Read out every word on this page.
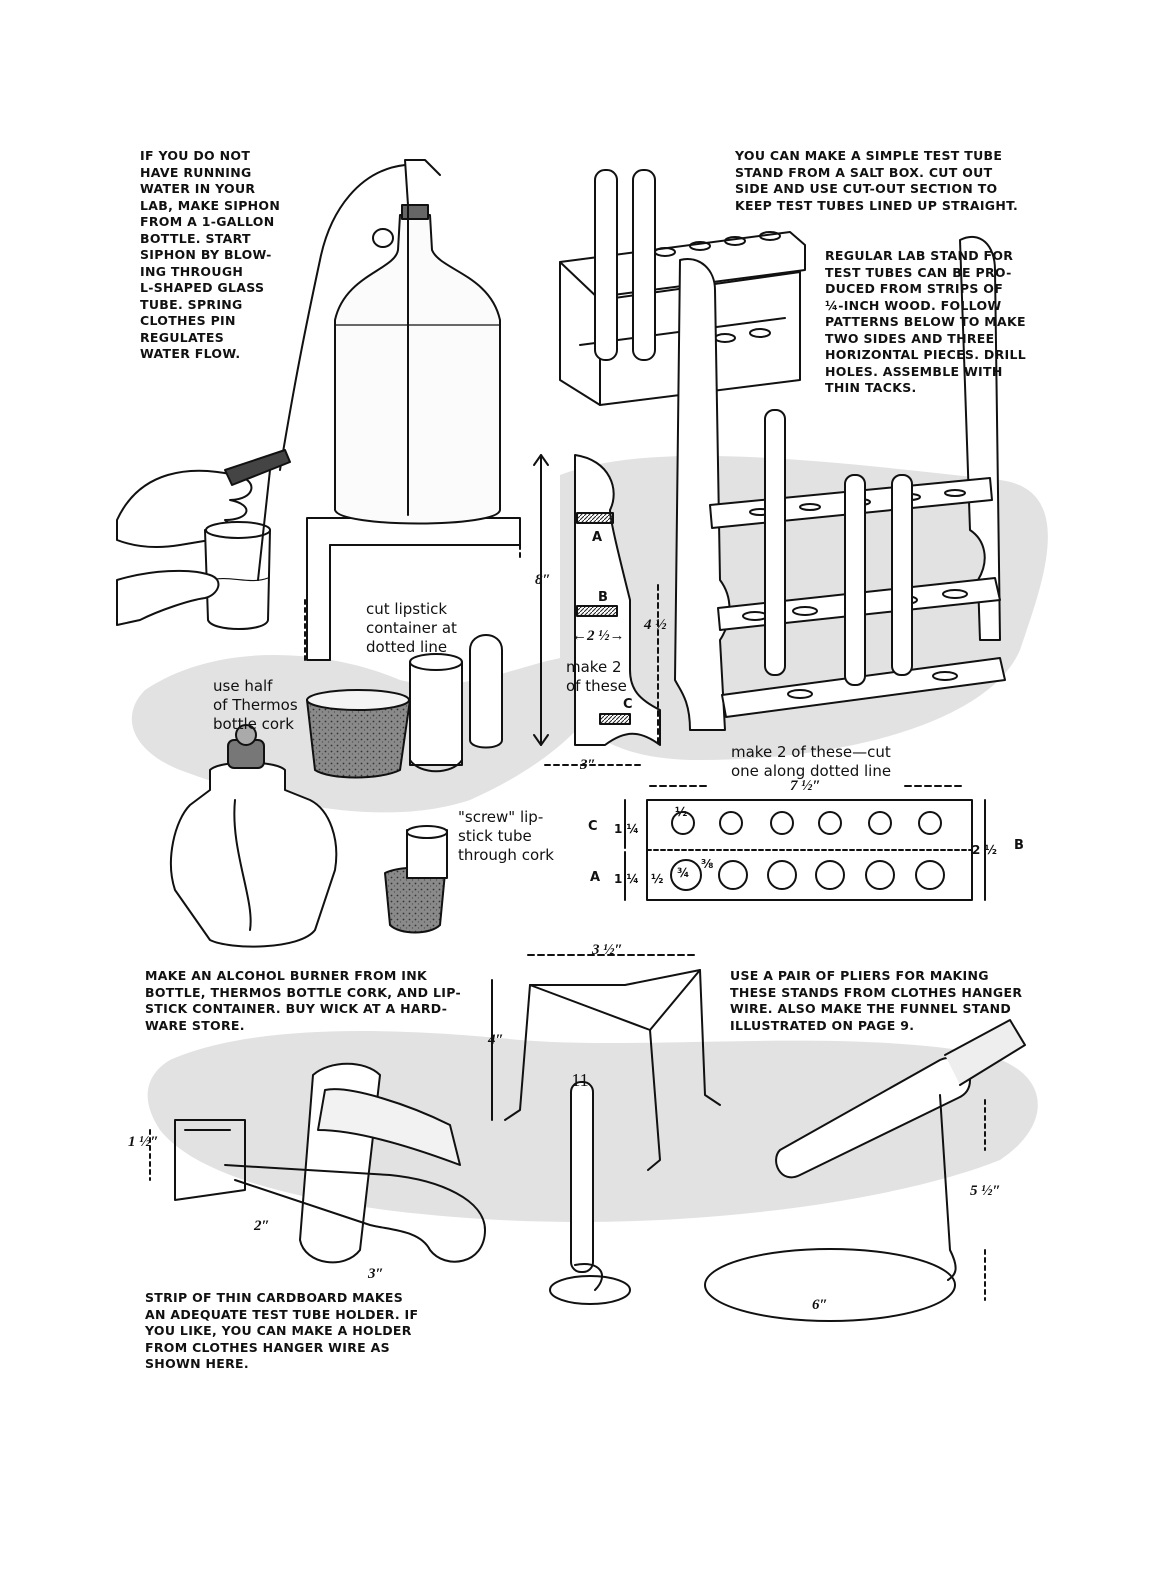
IF YOU DO NOT
HAVE RUNNING
WATER IN YOUR
LAB, MAKE SIPHON
FROM A 1-GALLON
BOTTLE. START
SIPHON BY BLOW-
ING THROUGH
L-SHAPED GLASS
TUBE. SPRING
CLOTHES PIN
REGULATES
WATER FLOW.
YOU CAN MAKE A SIMPLE TEST TUBE
STAND FROM A SALT BOX. CUT OUT
SIDE AND USE CUT-OUT SECTION TO
KEEP TEST TUBES LINED UP STRAIGHT.
REGULAR LAB STAND FOR
TEST TUBES CAN BE PRO-
DUCED FROM STRIPS OF
¼-INCH WOOD. FOLLOW
PATTERNS BELOW TO MAKE
TWO SIDES AND THREE
HORIZONTAL PIECES. DRILL
HOLES. ASSEMBLE WITH
THIN TACKS.
MAKE AN ALCOHOL BURNER FROM INK
BOTTLE, THERMOS BOTTLE CORK, AND LIP-
STICK CONTAINER. BUY WICK AT A HARD-
WARE STORE.
USE A PAIR OF PLIERS FOR MAKING
THESE STANDS FROM CLOTHES HANGER
WIRE. ALSO MAKE THE FUNNEL STAND
ILLUSTRATED ON PAGE 9.
STRIP OF THIN CARDBOARD MAKES
AN ADEQUATE TEST TUBE HOLDER. IF
YOU LIKE, YOU CAN MAKE A HOLDER
FROM CLOTHES HANGER WIRE AS
SHOWN HERE.
cut lipstick
container at
dotted line
use half
of Thermos
bottle cork
"screw" lip-
stick tube
through cork
make 2
of these
make 2 of these—cut
one along dotted line
A
B
C
8″
4 ½
←2 ½→
3″
7 ½″
C
A
B
1 ¼
1 ¼
2 ½
½
½ ¾
⅜
3 ½″
4″
1 ½″
2″
3″
5 ½″
6″
11
